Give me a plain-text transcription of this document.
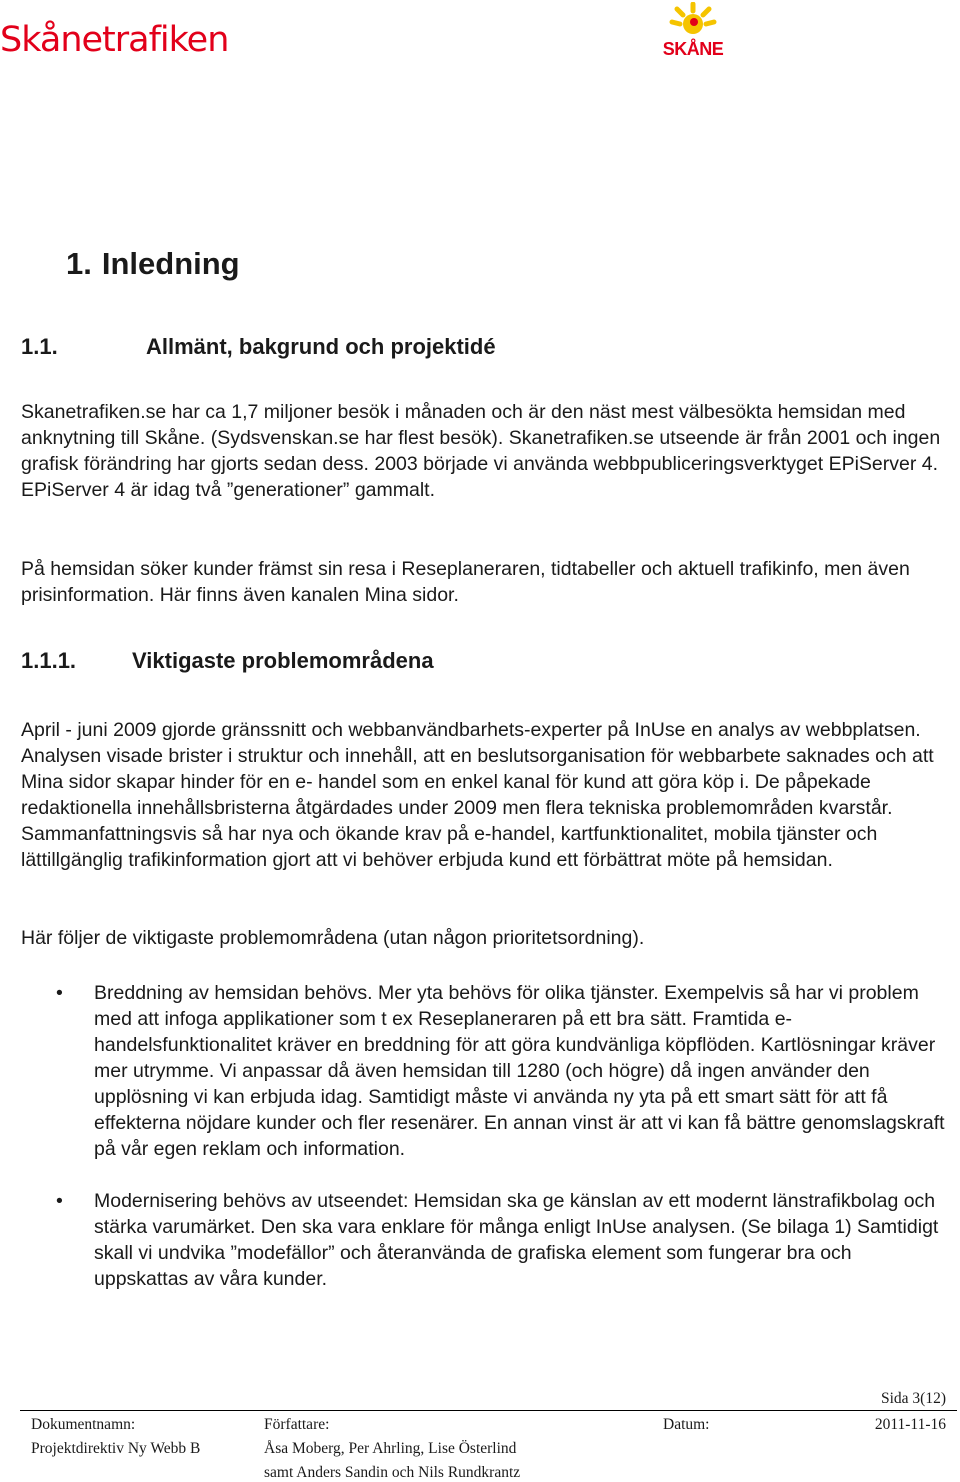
Skånetrafiken	SKÅNE
1. Inledning
1.1.	Allmänt, bakgrund och projektidé

Skanetrafiken.se har ca 1,7 miljoner besök i månaden och är den näst mest välbesökta hemsidan med anknytning till Skåne. (Sydsvenskan.se har flest besök). Skanetrafiken.se utseende är från 2001 och ingen grafisk förändring har gjorts sedan dess. 2003 började vi använda webbpubliceringsverktyget EPiServer 4. EPiServer 4 är idag två ”generationer” gammalt.

På hemsidan söker kunder främst sin resa i Reseplaneraren, tidtabeller och aktuell trafikinfo, men även prisinformation. Här finns även kanalen Mina sidor.

1.1.1.	Viktigaste problemområdena

April - juni 2009 gjorde gränssnitt och webbanvändbarhets-experter på InUse en analys av webbplatsen. Analysen visade brister i struktur och innehåll, att en beslutsorganisation för webbarbete saknades och att Mina sidor skapar hinder för en e- handel som en enkel kanal för kund att göra köp i. De påpekade redaktionella innehållsbristerna åtgärdades under 2009 men flera tekniska problemområden kvarstår. Sammanfattningsvis så har nya och ökande krav på e-handel, kartfunktionalitet, mobila tjänster och lättillgänglig trafikinformation gjort att vi behöver erbjuda kund ett förbättrat möte på hemsidan.

Här följer de viktigaste problemområdena (utan någon prioritetsordning).

• Breddning av hemsidan behövs. Mer yta behövs för olika tjänster. Exempelvis så har vi problem med att infoga applikationer som t ex Reseplaneraren på ett bra sätt. Framtida e-handelsfunktionalitet kräver en breddning för att göra kundvänliga köpflöden. Kartlösningar kräver mer utrymme. Vi anpassar då även hemsidan till 1280 (och högre) då ingen använder den upplösning vi kan erbjuda idag. Samtidigt måste vi använda ny yta på ett smart sätt för att få effekterna nöjdare kunder och fler resenärer. En annan vinst är att vi kan få bättre genomslagskraft på vår egen reklam och information.
• Modernisering behövs av utseendet: Hemsidan ska ge känslan av ett modernt länstrafikbolag och stärka varumärket. Den ska vara enklare för många enligt InUse analysen. (Se bilaga 1) Samtidigt skall vi undvika ”modefällor” och återanvända de grafiska element som fungerar bra och uppskattas av våra kunder.
Sida 3(12)
Dokumentnamn:
Projektdirektiv Ny Webb B
Författare:
Åsa Moberg, Per Ahrling, Lise Österlind
samt Anders Sandin och Nils Rundkrantz
Datum:	2011-11-16
